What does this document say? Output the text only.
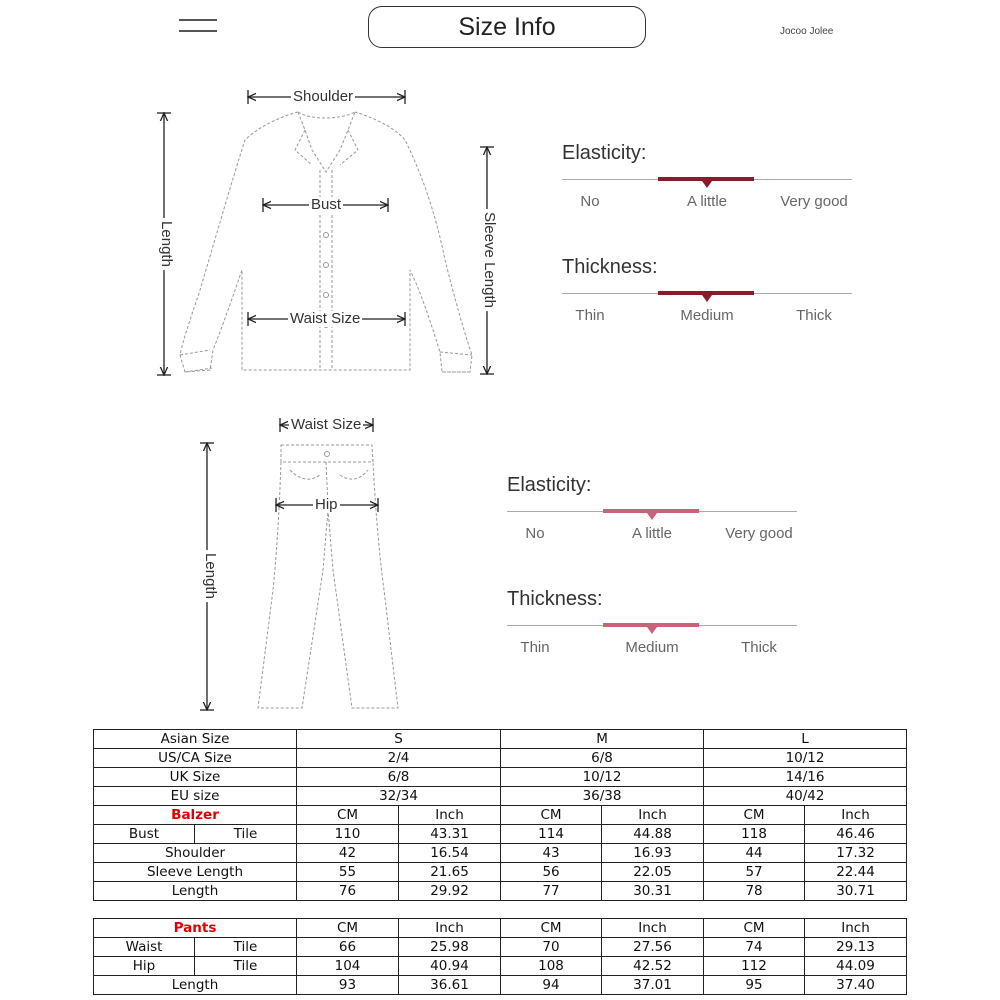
Size Info	Jocoo Jolee
Shoulder
Bust
Waist Size
Length	Sleeve Length
Waist Size
Hip
Length
Elasticity:
No	A little	Very good
Thickness:
Thin	Medium	Thick
Elasticity:
No	A little	Very good
Thickness:
Thin	Medium	Thick
Asian Size		S		M		L	
US/CA Size		2/4		6/8		10/12	
UK Size		6/8		10/12		14/16	
EU size		32/34		36/38		40/42	
Balzer		CM	Inch	CM	Inch	CM	Inch
Bust	Tile	110	43.31	114	44.88	118	46.46
Shoulder		42	16.54	43	16.93	44	17.32
Sleeve Length		55	21.65	56	22.05	57	22.44
Length		76	29.92	77	30.31	78	30.71
Pants		CM	Inch	CM	Inch	CM	Inch
Waist	Tile	66	25.98	70	27.56	74	29.13
Hip	Tile	104	40.94	108	42.52	112	44.09
Length		93	36.61	94	37.01	95	37.40
